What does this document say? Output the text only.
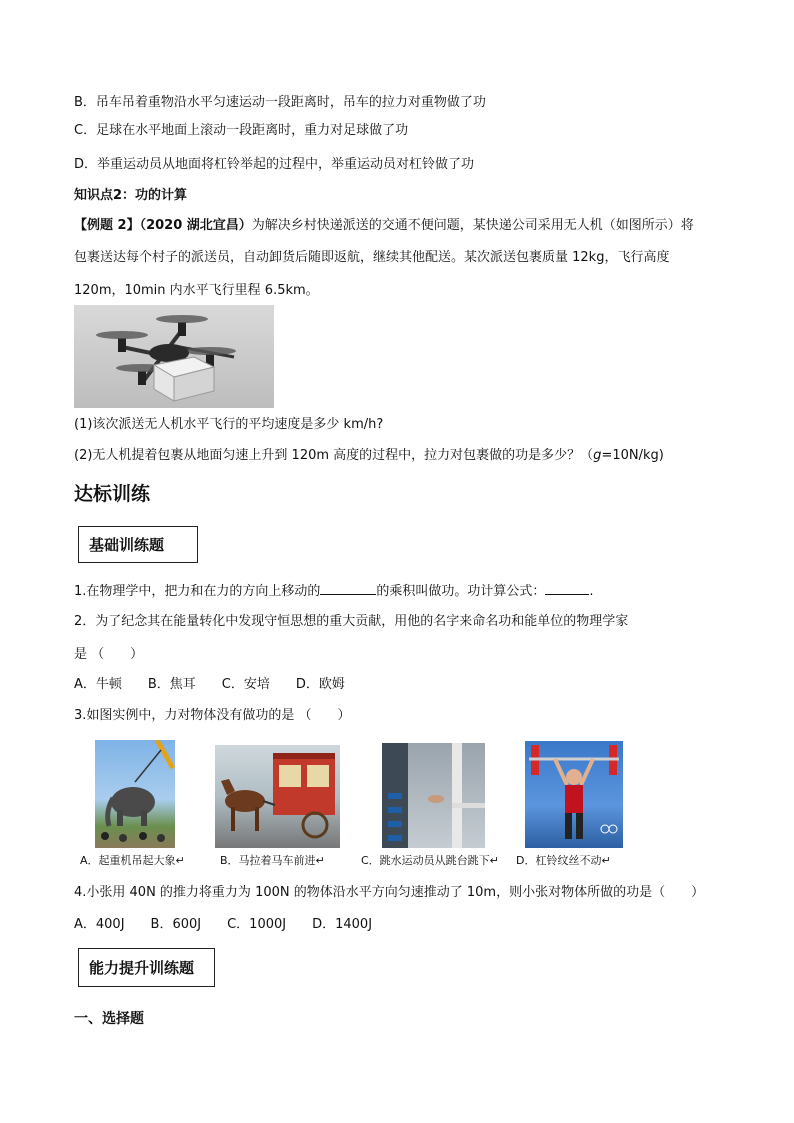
B．吊车吊着重物沿水平匀速运动一段距离时，吊车的拉力对重物做了功
C．足球在水平地面上滚动一段距离时，重力对足球做了功
D．举重运动员从地面将杠铃举起的过程中，举重运动员对杠铃做了功
知识点2：功的计算
【例题 2】（2020 湖北宜昌）为解决乡村快递派送的交通不便问题，某快递公司采用无人机（如图所示）将
包裹送达每个村子的派送员，自动卸货后随即返航，继续其他配送。某次派送包裹质量 12kg，飞行高度
120m，10min 内水平飞行里程 6.5km。
(1)该次派送无人机水平飞行的平均速度是多少 km/h?
(2)无人机提着包裹从地面匀速上升到 120m 高度的过程中，拉力对包裹做的功是多少？（g=10N/kg)
达标训练
基础训练题
1.在物理学中，把力和在力的方向上移动的	的乘积叫做功。功计算公式：	.
2．为了纪念其在能量转化中发现守恒思想的重大贡献，用他的名字来命名功和能单位的物理学家
是 （　　）
A．牛顿　　B．焦耳　　C．安培　　D．欧姆
3.如图实例中，力对物体没有做功的是 （　　）
A．起重机吊起大象↵	B．马拉着马车前进↵	C．跳水运动员从跳台跳下↵ D．杠铃纹丝不动↵
4.小张用 40N 的推力将重力为 100N 的物体沿水平方向匀速推动了 10m，则小张对物体所做的功是（　　）
A．400J　　B．600J　　C．1000J　　D．1400J
能力提升训练题
一、选择题
